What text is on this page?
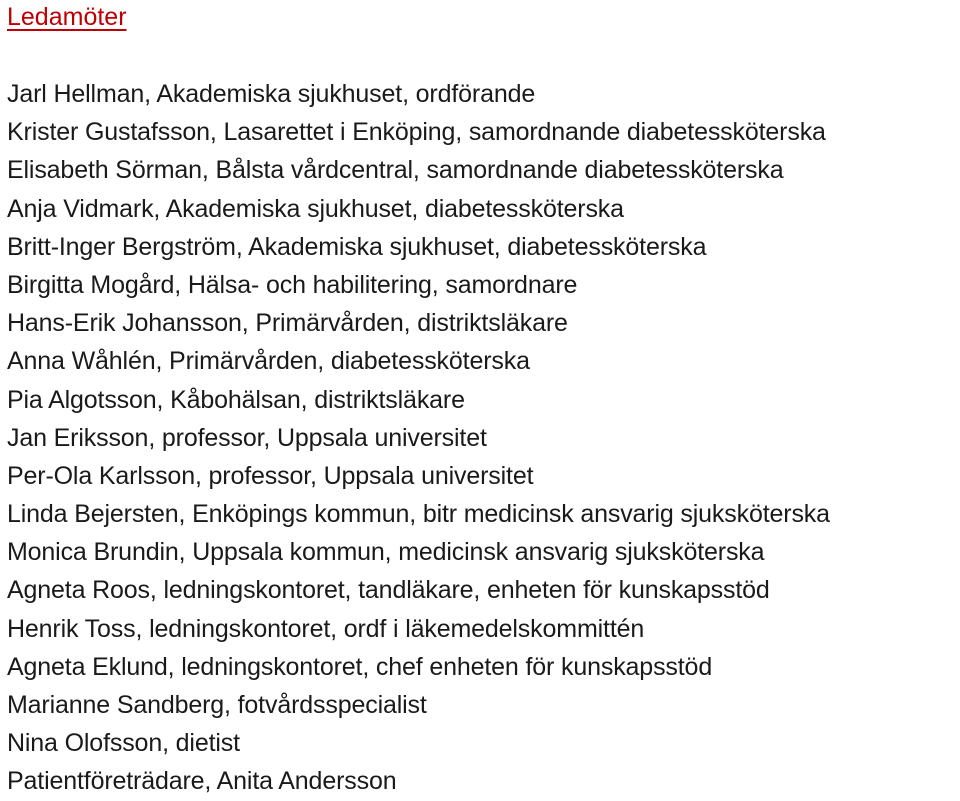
Ledamöter
Jarl Hellman, Akademiska sjukhuset, ordförande
Krister Gustafsson, Lasarettet i Enköping, samordnande diabetessköterska
Elisabeth Sörman, Bålsta vårdcentral, samordnande diabetessköterska
Anja Vidmark, Akademiska sjukhuset, diabetessköterska
Britt-Inger Bergström, Akademiska sjukhuset, diabetessköterska
Birgitta Mogård, Hälsa- och habilitering, samordnare
Hans-Erik Johansson, Primärvården, distriktsläkare
Anna Wåhlén, Primärvården, diabetessköterska
Pia Algotsson, Kåbohälsan, distriktsläkare
Jan Eriksson, professor, Uppsala universitet
Per-Ola Karlsson, professor, Uppsala universitet
Linda Bejersten, Enköpings kommun, bitr medicinsk ansvarig sjuksköterska
Monica Brundin, Uppsala kommun, medicinsk ansvarig sjuksköterska
Agneta Roos, ledningskontoret, tandläkare, enheten för kunskapsstöd
Henrik Toss, ledningskontoret, ordf i läkemedelskommittén
Agneta Eklund, ledningskontoret, chef enheten för kunskapsstöd
Marianne Sandberg, fotvårdsspecialist
Nina Olofsson, dietist
Patientföreträdare, Anita Andersson
